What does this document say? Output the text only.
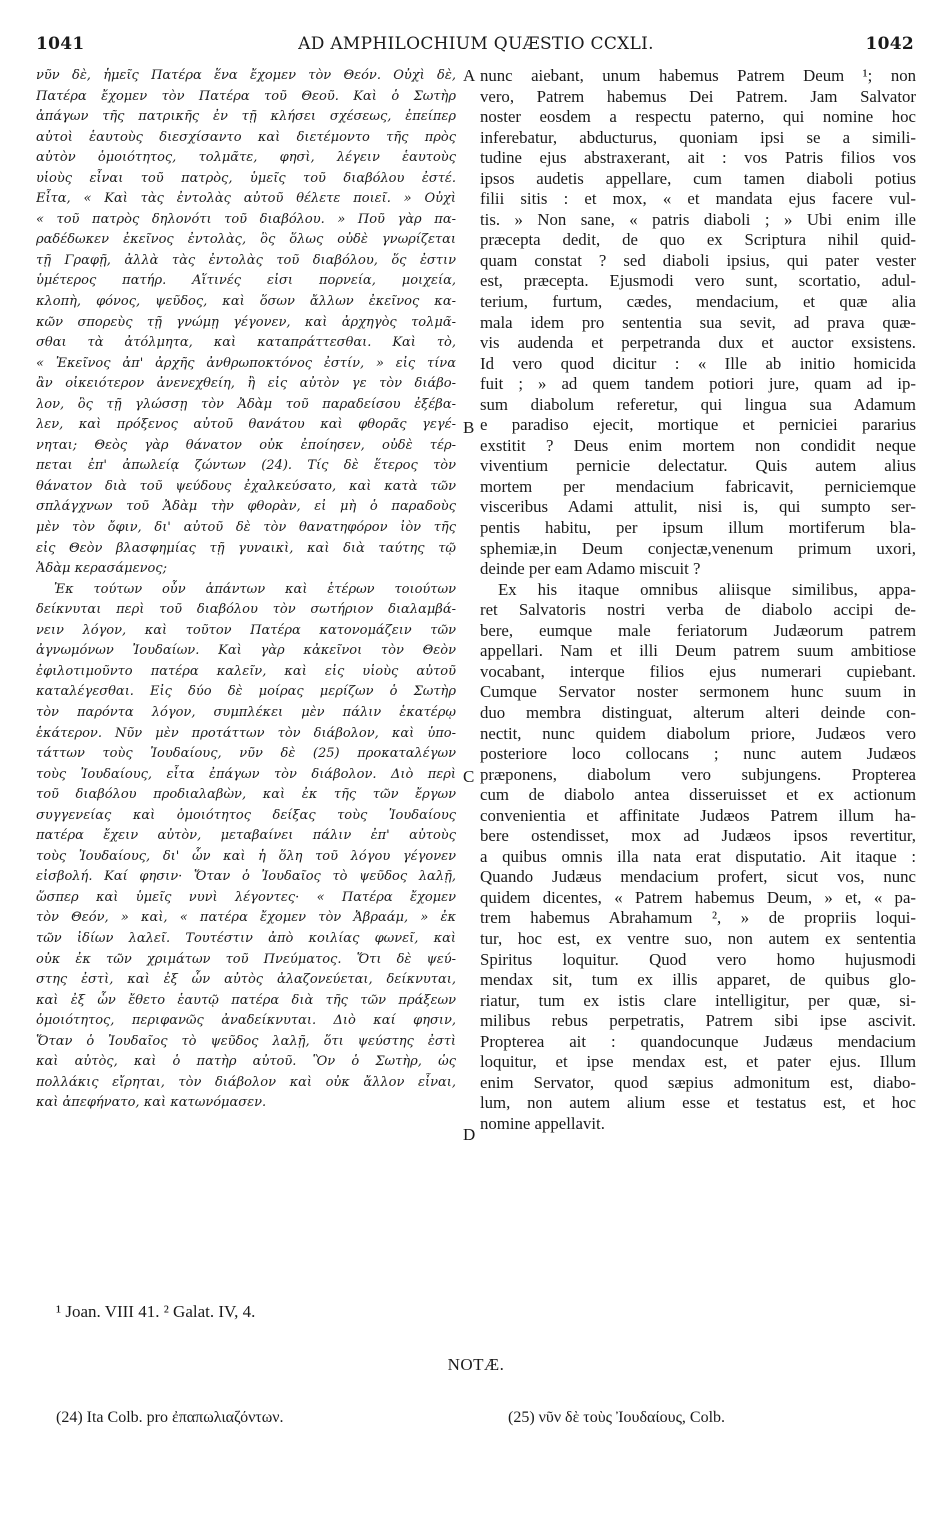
1041	AD AMPHILOCHIUM QUÆSTIO CCXLI.	1042
νῦν δὲ, ἡμεῖς Πατέρα ἕνα ἔχομεν τὸν Θεόν. Οὐχὶ δὲ,
Πατέρα ἔχομεν τὸν Πατέρα τοῦ Θεοῦ. Καὶ ὁ Σωτὴρ
ἀπάγων τῆς πατρικῆς ἐν τῇ κλήσει σχέσεως, ἐπείπερ
αὐτοὶ ἑαυτοὺς διεσχίσαντο καὶ διετέμοντο τῆς πρὸς
αὐτὸν ὁμοιότητος, τολμᾶτε, φησὶ, λέγειν ἑαυτοὺς
υἱοὺς εἶναι τοῦ πατρὸς, ὑμεῖς τοῦ διαβόλου ἐστέ.
Εἶτα, « Καὶ τὰς ἐντολὰς αὐτοῦ θέλετε ποιεῖ. » Οὐχὶ
« τοῦ πατρὸς δηλονότι τοῦ διαβόλου. » Ποῦ γὰρ πα-
ραδέδωκεν ἐκεῖνος ἐντολὰς, ὃς ὅλως οὐδὲ γνωρίζεται
τῇ Γραφῇ, ἀλλὰ τὰς ἐντολὰς τοῦ διαβόλου, ὅς ἐστιν
ὑμέτερος πατήρ. Αἵτινές εἰσι πορνεία, μοιχεία,
κλοπὴ, φόνος, ψεῦδος, καὶ ὅσων ἄλλων ἐκεῖνος κα-
κῶν σπορεὺς τῇ γνώμῃ γέγονεν, καὶ ἀρχηγὸς τολμᾶ-
σθαι τὰ ἀτόλμητα, καὶ καταπράττεσθαι. Καὶ τὸ,
« Ἐκεῖνος ἀπ' ἀρχῆς ἀνθρωποκτόνος ἐστίν, » εἰς τίνα
ἂν οἰκειότερον ἀνενεχθείη, ἢ εἰς αὐτὸν γε τὸν διάβο-
λον, ὃς τῇ γλώσσῃ τὸν Ἀδὰμ τοῦ παραδείσου ἐξέβα-
λεν, καὶ πρόξενος αὐτοῦ θανάτου καὶ φθορᾶς γεγέ-
νηται; Θεὸς γὰρ θάνατον οὐκ ἐποίησεν, οὐδὲ τέρ-
πεται ἐπ' ἀπωλείᾳ ζώντων (24). Τίς δὲ ἕτερος τὸν
θάνατον διὰ τοῦ ψεύδους ἐχαλκεύσατο, καὶ κατὰ τῶν
σπλάγχνων τοῦ Ἀδὰμ τὴν φθορὰν, εἰ μὴ ὁ παραδοὺς
μὲν τὸν ὄφιν, δι' αὐτοῦ δὲ τὸν θανατηφόρον ἰὸν τῆς
εἰς Θεὸν βλασφημίας τῇ γυναικὶ, καὶ διὰ ταύτης τῷ
Ἀδὰμ κερασάμενος;
Ἐκ τούτων οὖν ἁπάντων καὶ ἑτέρων τοιούτων
δείκνυται περὶ τοῦ διαβόλου τὸν σωτήριον διαλαμβά-
νειν λόγον, καὶ τοῦτον Πατέρα κατονομάζειν τῶν
ἀγνωμόνων Ἰουδαίων. Καὶ γὰρ κἀκεῖνοι τὸν Θεὸν
ἐφιλοτιμοῦντο πατέρα καλεῖν, καὶ εἰς υἱοὺς αὐτοῦ
καταλέγεσθαι. Εἰς δύο δὲ μοίρας μερίζων ὁ Σωτὴρ
τὸν παρόντα λόγον, συμπλέκει μὲν πάλιν ἑκατέρῳ
ἑκάτερον. Νῦν μὲν προτάττων τὸν διάβολον, καὶ ὑπο-
τάττων τοὺς Ἰουδαίους, νῦν δὲ (25) προκαταλέγων
τοὺς Ἰουδαίους, εἶτα ἐπάγων τὸν διάβολον. Διὸ περὶ
τοῦ διαβόλου προδιαλαβὼν, καὶ ἐκ τῆς τῶν ἔργων
συγγενείας καὶ ὁμοιότητος δείξας τοὺς Ἰουδαίους
πατέρα ἔχειν αὐτὸν, μεταβαίνει πάλιν ἐπ' αὐτοὺς
τοὺς Ἰουδαίους, δι' ὧν καὶ ἡ ὅλη τοῦ λόγου γέγονεν
εἰσβολή. Καί φησιν· Ὅταν ὁ Ἰουδαῖος τὸ ψεῦδος λαλῇ,
ὥσπερ καὶ ὑμεῖς νυνὶ λέγοντες· « Πατέρα ἔχομεν
τὸν Θεόν, » καὶ, « πατέρα ἔχομεν τὸν Ἀβραάμ, » ἐκ
τῶν ἰδίων λαλεῖ. Τουτέστιν ἀπὸ κοιλίας φωνεῖ, καὶ
οὐκ ἐκ τῶν χριμάτων τοῦ Πνεύματος. Ὅτι δὲ ψεύ-
στης ἐστὶ, καὶ ἐξ ὧν αὐτὸς ἀλαζονεύεται, δείκνυται,
καὶ ἐξ ὧν ἔθετο ἑαυτῷ πατέρα διὰ τῆς τῶν πράξεων
ὁμοιότητος, περιφανῶς ἀναδείκνυται. Διὸ καί φησιν,
Ὅταν ὁ Ἰουδαῖος τὸ ψεῦδος λαλῇ, ὅτι ψεύστης ἐστὶ
καὶ αὐτὸς, καὶ ὁ πατὴρ αὐτοῦ. Ὃν ὁ Σωτὴρ, ὡς
πολλάκις εἴρηται, τὸν διάβολον καὶ οὐκ ἄλλον εἶναι,
καὶ ἀπεφήνατο, καὶ κατωνόμασεν.
nunc aiebant, unum habemus Patrem Deum ¹; non
vero, Patrem habemus Dei Patrem. Jam Salvator
noster eosdem a respectu paterno, qui nomine hoc
inferebatur, abducturus, quoniam ipsi se a simili-
tudine ejus abstraxerant, ait : vos Patris filios vos
ipsos audetis appellare, cum tamen diaboli potius
filii sitis : et mox, « et mandata ejus facere vul-
tis. » Non sane, « patris diaboli ; » Ubi enim ille
præcepta dedit, de quo ex Scriptura nihil quid-
quam constat ? sed diaboli ipsius, qui pater vester
est, præcepta. Ejusmodi vero sunt, scortatio, adul-
terium, furtum, cædes, mendacium, et quæ alia
mala idem pro sententia sua sevit, ad prava quæ-
vis audenda et perpetranda dux et auctor exsistens.
Id vero quod dicitur : « Ille ab initio homicida
fuit ; » ad quem tandem potiori jure, quam ad ip-
sum diabolum referetur, qui lingua sua Adamum
e paradiso ejecit, mortique et perniciei pararius
exstitit ? Deus enim mortem non condidit neque
viventium pernicie delectatur. Quis autem alius
mortem per mendacium fabricavit, perniciemque
visceribus Adami attulit, nisi is, qui sumpto ser-
pentis habitu, per ipsum illum mortiferum bla-
sphemiæ,in Deum conjectæ,venenum primum uxori,
deinde per eam Adamo miscuit ?
Ex his itaque omnibus aliisque similibus, appa-
ret Salvatoris nostri verba de diabolo accipi de-
bere, eumque male feriatorum Judæorum patrem
appellari. Nam et illi Deum patrem suum ambitiose
vocabant, interque filios ejus numerari cupiebant.
Cumque Servator noster sermonem hunc suum in
duo membra distinguat, alterum alteri deinde con-
nectit, nunc quidem diabolum priore, Judæos vero
posteriore loco collocans ; nunc autem Judæos
præponens, diabolum vero subjungens. Propterea
cum de diabolo antea disseruisset et ex actionum
convenientia et affinitate Judæos Patrem illum ha-
bere ostendisset, mox ad Judæos ipsos revertitur,
a quibus omnis illa nata erat disputatio. Ait itaque :
Quando Judæus mendacium profert, sicut vos, nunc
quidem dicentes, « Patrem habemus Deum, » et, « pa-
trem habemus Abrahamum ², » de propriis loqui-
tur, hoc est, ex ventre suo, non autem ex sententia
Spiritus loquitur. Quod vero homo hujusmodi
mendax sit, tum ex illis apparet, de quibus glo-
riatur, tum ex istis clare intelligitur, per quæ, si-
milibus rebus perpetratis, Patrem sibi ipse ascivit.
Propterea ait : quandocunque Judæus mendacium
loquitur, et ipse mendax est, et pater ejus. Illum
enim Servator, quod sæpius admonitum est, diabo-
lum, non autem alium esse et testatus est, et hoc
nomine appellavit.
A
B
C
D
¹ Joan. VIII 41. ² Galat. IV, 4.
NOTÆ.
(24) Ita Colb. pro ἐπαπωλιαζόντων.	(25) νῦν δὲ τοὺς Ἰουδαίους, Colb.
